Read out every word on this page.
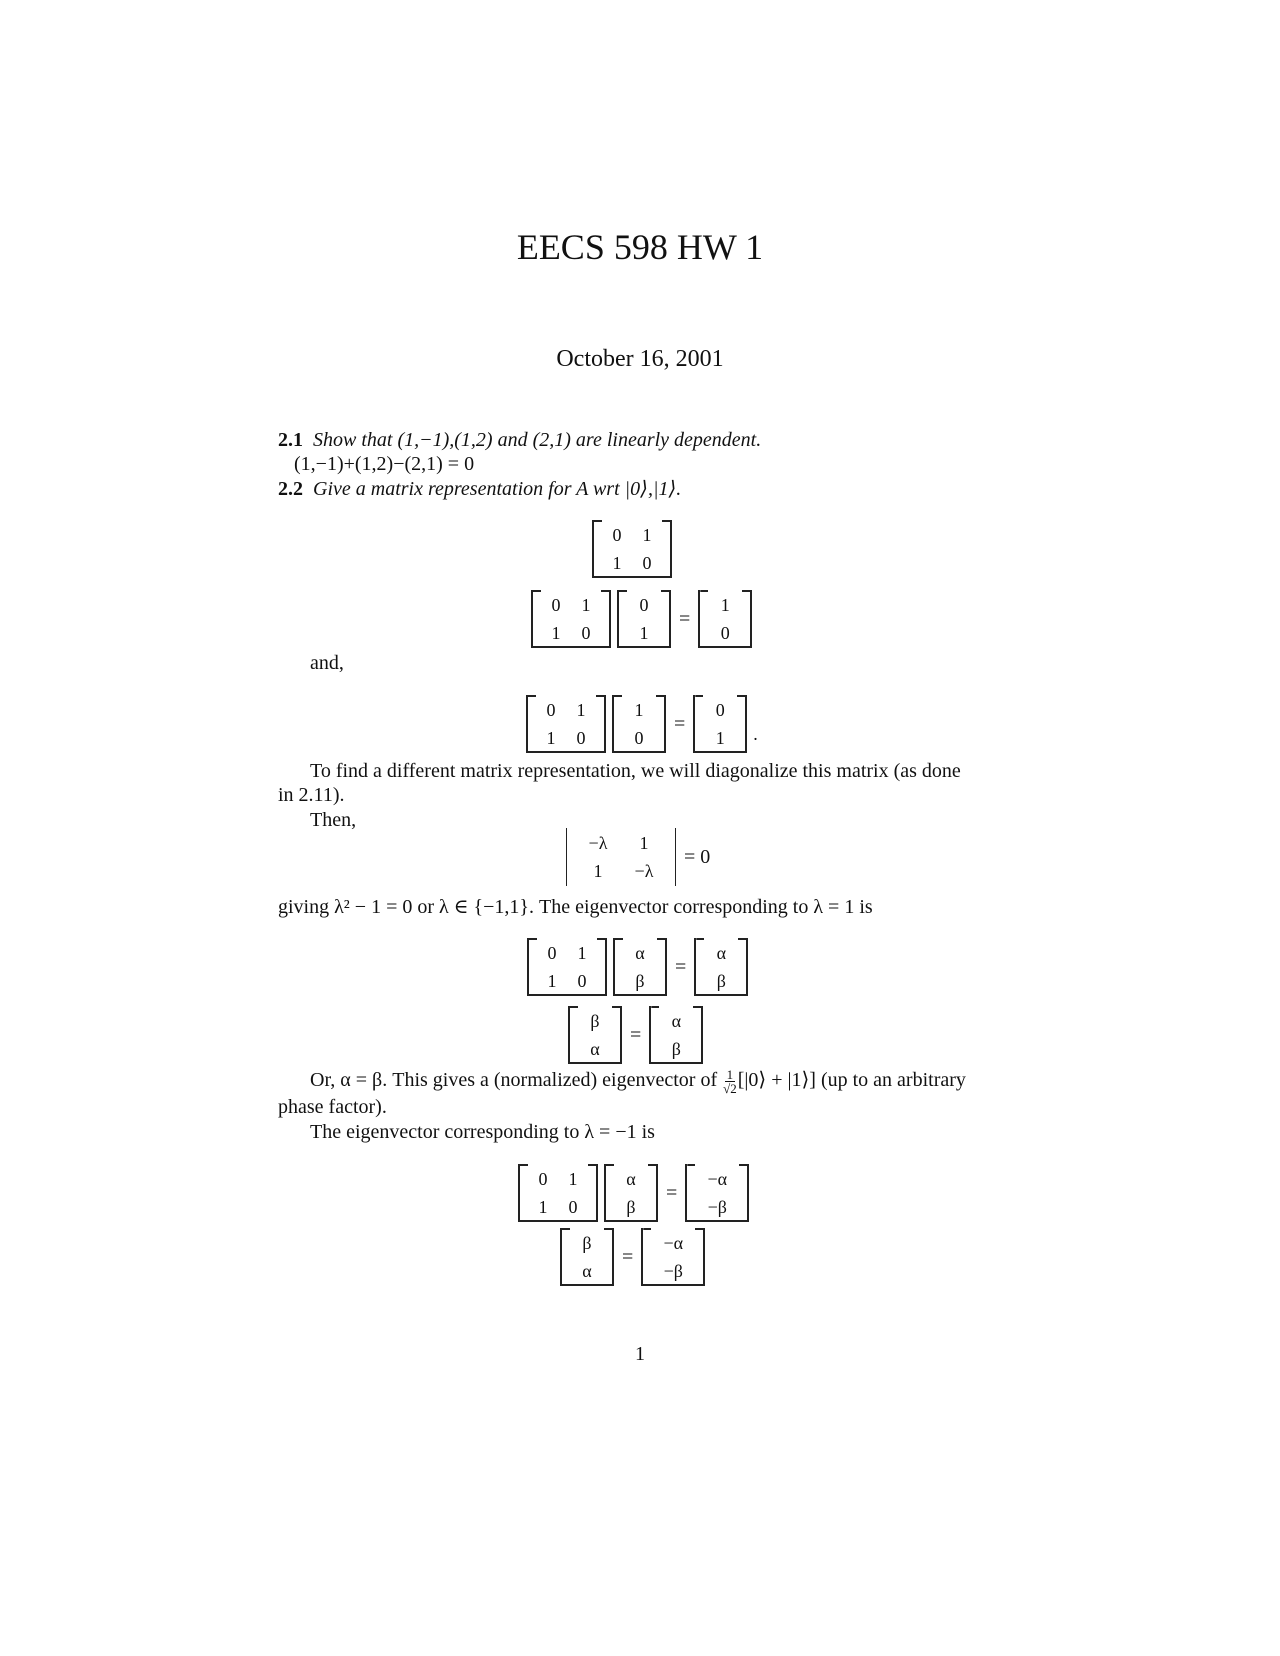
EECS 598 HW 1
October 16, 2001
2.1 Show that (1,−1),(1,2) and (2,1) are linearly dependent.
(1,−1)+(1,2)−(2,1) = 0
2.2 Give a matrix representation for A wrt |0⟩,|1⟩.
0	1
1	0
0	1
1	0
0
1
=
1
0
and,
0	1
1	0
1
0
=
0
1	.
To find a different matrix representation, we will diagonalize this matrix (as done
in 2.11).
Then,
−λ	1
1	−λ
= 0
giving λ² − 1 = 0 or λ ∈ {−1,1}. The eigenvector corresponding to λ = 1 is
0	1
1	0
α
β
=
α
β
β
α
=
α
β
Or, α = β. This gives a (normalized) eigenvector of $\frac{1}{√2}$ [|0⟩ + |1⟩] (up to an arbitrary
phase factor).
The eigenvector corresponding to λ = −1 is
0	1
1	0
α
β
=
−α
−β
β
α
=
−α
−β
1
